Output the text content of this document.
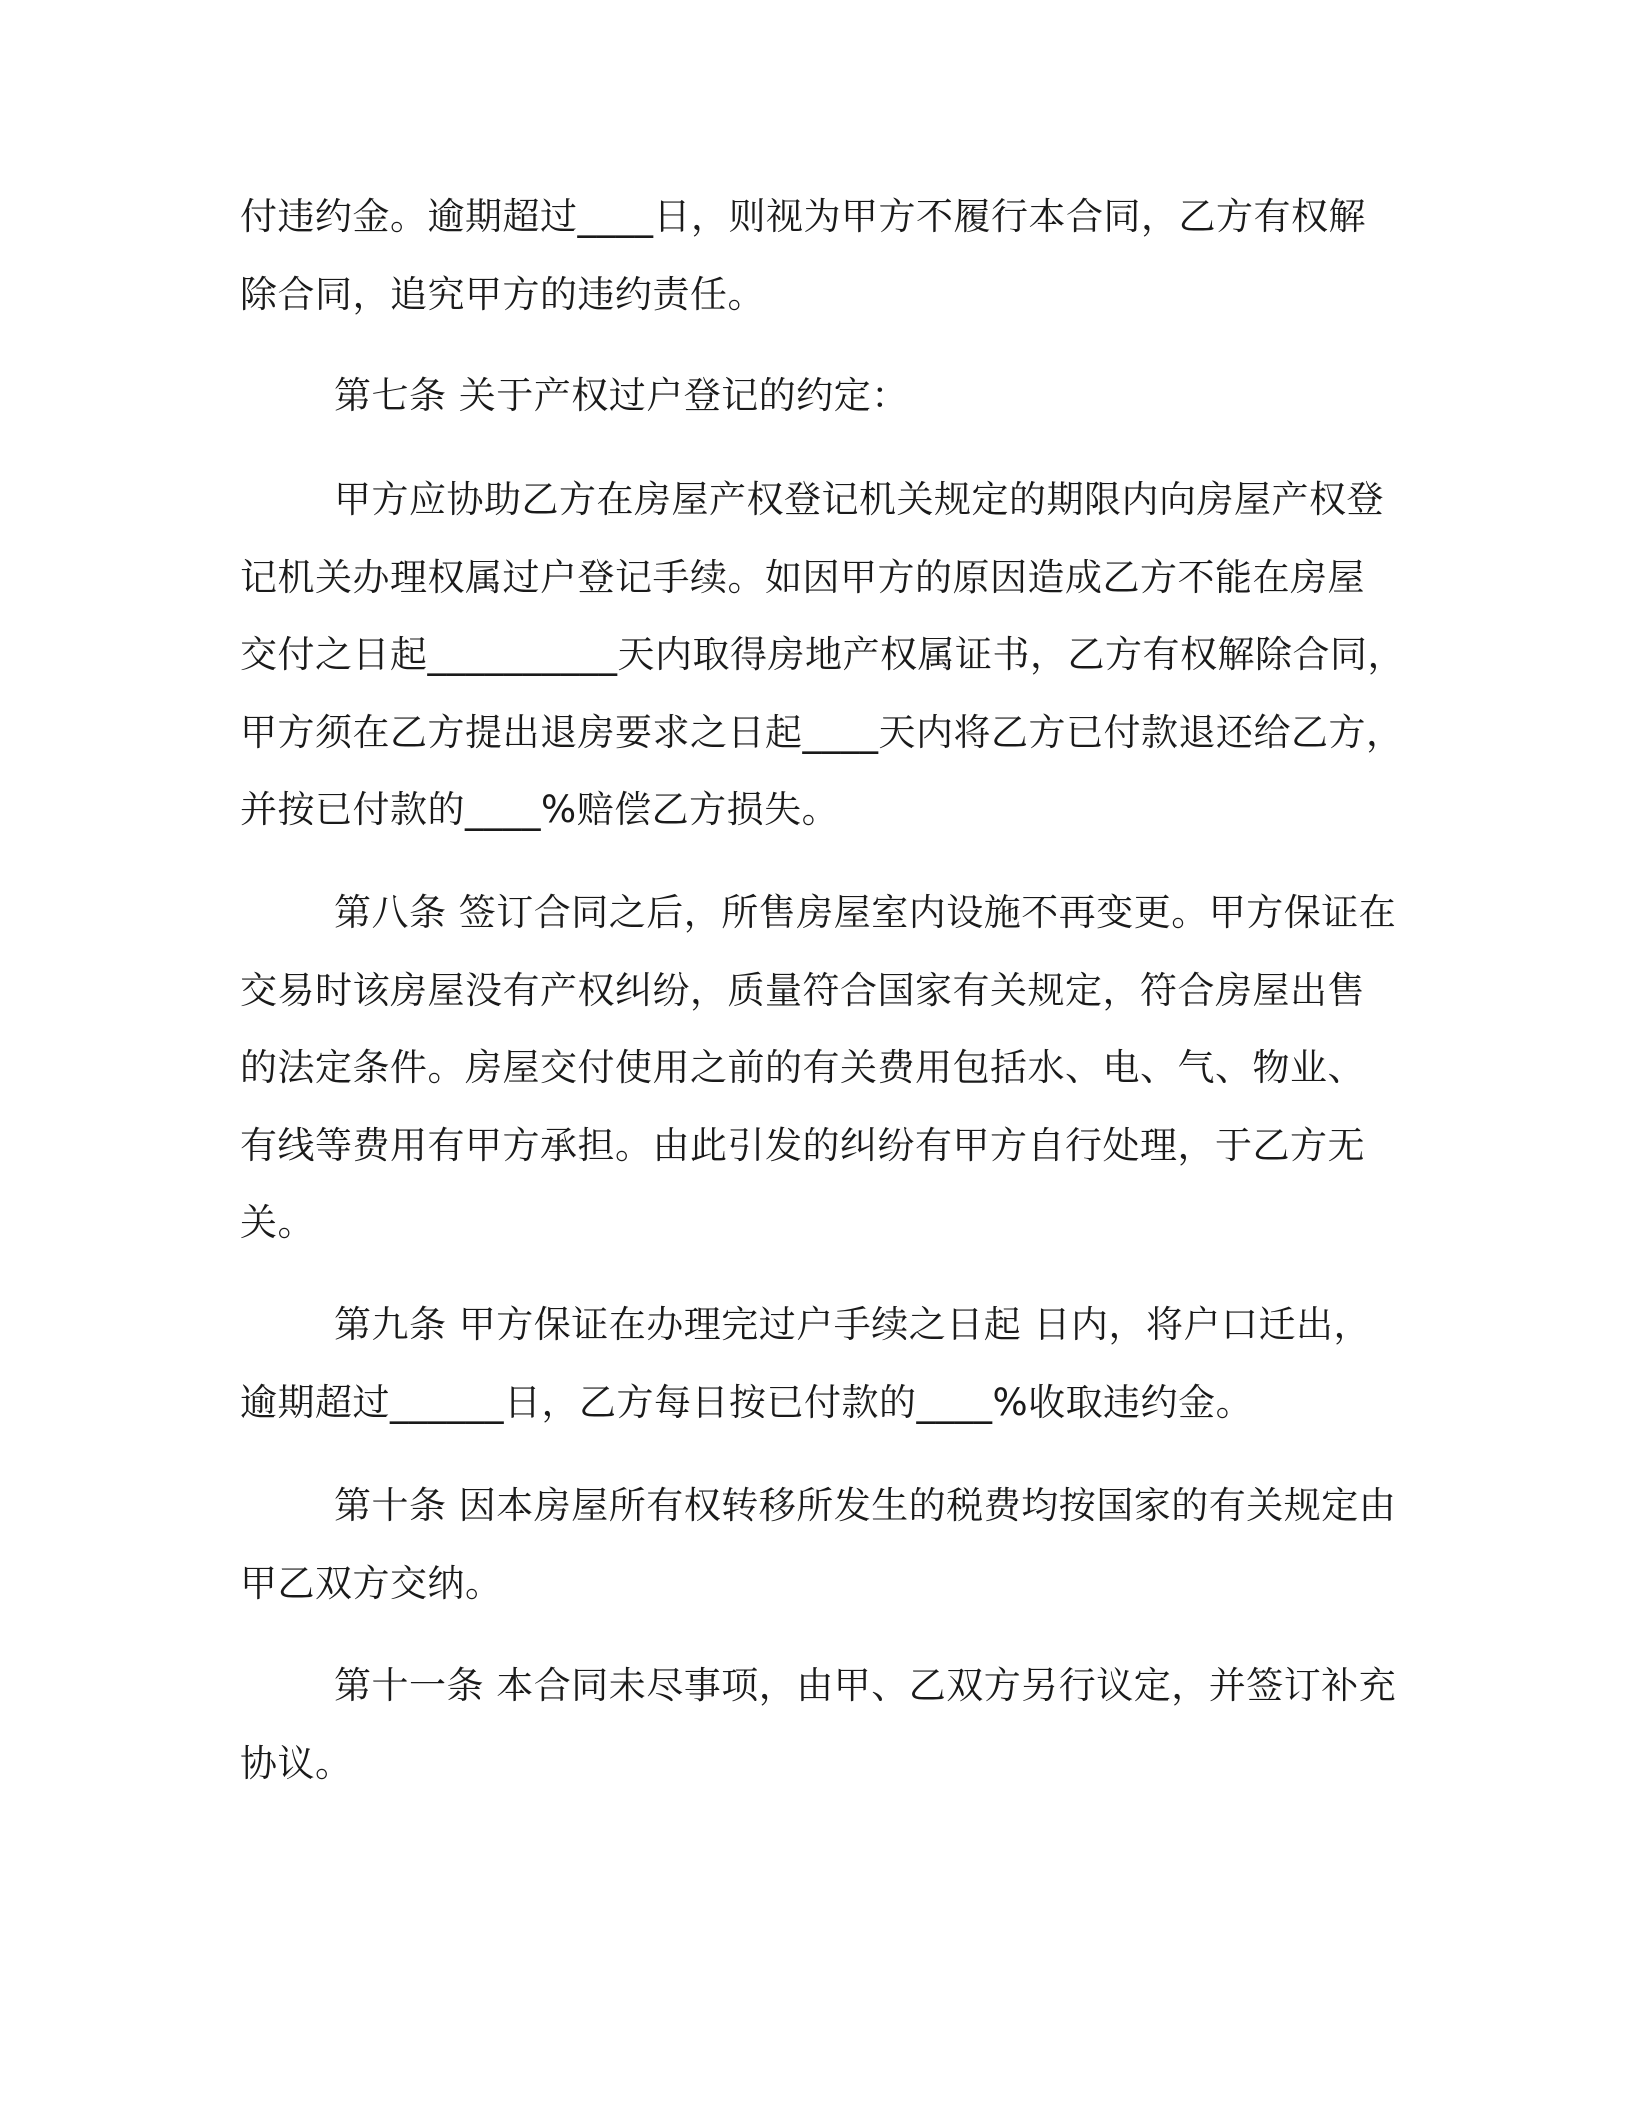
付违约金。逾期超过____日，则视为甲方不履行本合同，乙方有权解
除合同，追究甲方的违约责任。

第七条 关于产权过户登记的约定：

甲方应协助乙方在房屋产权登记机关规定的期限内向房屋产权登
记机关办理权属过户登记手续。如因甲方的原因造成乙方不能在房屋
交付之日起__________天内取得房地产权属证书，乙方有权解除合同，
甲方须在乙方提出退房要求之日起____天内将乙方已付款退还给乙方，
并按已付款的____%赔偿乙方损失。

第八条 签订合同之后，所售房屋室内设施不再变更。甲方保证在
交易时该房屋没有产权纠纷，质量符合国家有关规定，符合房屋出售
的法定条件。房屋交付使用之前的有关费用包括水、电、气、物业、
有线等费用有甲方承担。由此引发的纠纷有甲方自行处理，于乙方无
关。

第九条 甲方保证在办理完过户手续之日起 日内，将户口迁出，
逾期超过______日，乙方每日按已付款的____%收取违约金。

第十条 因本房屋所有权转移所发生的税费均按国家的有关规定由
甲乙双方交纳。

第十一条 本合同未尽事项，由甲、乙双方另行议定，并签订补充
协议。
